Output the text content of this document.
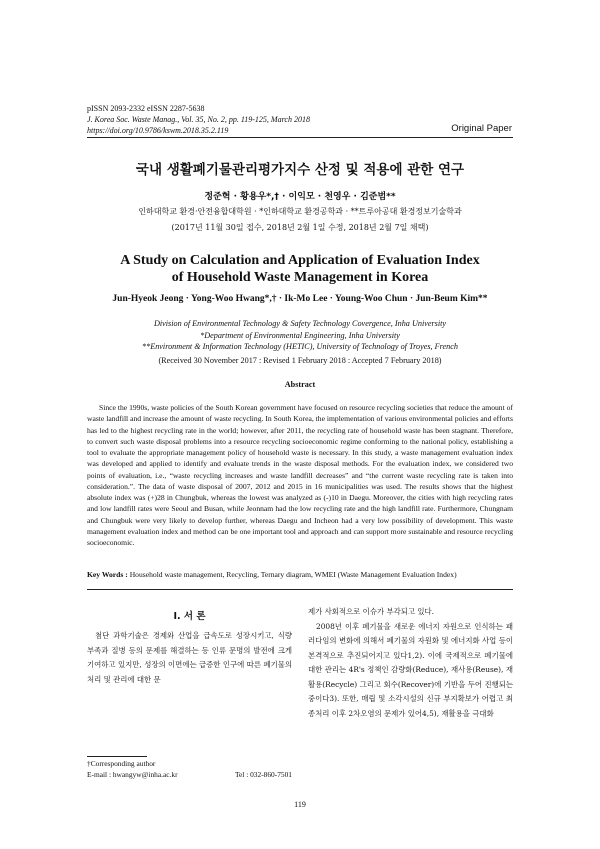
pISSN 2093-2332 eISSN 2287-5638
J. Korea Soc. Waste Manag., Vol. 35, No. 2, pp. 119-125, March 2018
https://doi.org/10.9786/kswm.2018.35.2.119	Original Paper
국내 생활폐기물관리평가지수 산정 및 적용에 관한 연구
정준혁 · 황용우*,† · 이익모 · 천영우 · 김준범**
인하대학교 환경·안전융합대학원 · *인하대학교 환경공학과 · **트루아공대 환경정보기술학과
(2017년 11월 30일 접수, 2018년 2월 1일 수정, 2018년 2월 7일 채택)
A Study on Calculation and Application of Evaluation Index
of Household Waste Management in Korea
Jun-Hyeok Jeong · Yong-Woo Hwang*,† · Ik-Mo Lee · Young-Woo Chun · Jun-Beum Kim**
Division of Environmental Technology & Safety Technology Covergence, Inha University
*Department of Environmental Engineering, Inha University
**Environment & Information Technology (HETIC), University of Technology of Troyes, French
(Received 30 November 2017 : Revised 1 February 2018 : Accepted 7 February 2018)
Abstract

Since the 1990s, waste policies of the South Korean government have focused on resource recycling societies that reduce the amount of waste landfill and increase the amount of waste recycling. In South Korea, the implementation of various environmental policies and efforts has led to the highest recycling rate in the world; however, after 2011, the recycling rate of household waste has been stagnant. Therefore, to convert such waste disposal problems into a resource recycling socioeconomic regime conforming to the national policy, establishing a tool to evaluate the appropriate management policy of household waste is necessary. In this study, a waste management evaluation index was developed and applied to identify and evaluate trends in the waste disposal methods. For the evaluation index, we considered two points of evaluation, i.e., “waste recycling increases and waste landfill decreases” and “the current waste recycling rate is taken into consideration.”. The data of waste disposal of 2007, 2012 and 2015 in 16 municipalities was used. The results shows that the highest absolute index was (+)28 in Chungbuk, whereas the lowest was analyzed as (-)10 in Daegu. Moreover, the cities with high recycling rates and low landfill rates were Seoul and Busan, while Jeonnam had the low recycling rate and the high landfill rate. Furthermore, Chungnam and Chungbuk were very likely to develop further, whereas Daegu and Incheon had a very low possibility of development. This waste management evaluation index and method can be one important tool and approach and can support more sustainable and resource recycling socioeconomic.

Key Words : Household waste management, Recycling, Ternary diagram, WMEI (Waste Management Evaluation Index)
I. 서 론

첨단 과학기술은 경제와 산업을 급속도로 성장시키고, 식량 부족과 질병 등의 문제를 해결하는 등 인류 문명의 발전에 크게 기여하고 있지만, 성장의 이면에는 급증한 인구에 따른 폐기물의 처리 및 관리에 대한 문

제가 사회적으로 이슈가 부각되고 있다.

2008년 이후 폐기물을 새로운 에너지 자원으로 인식하는 패러다임의 변화에 의해서 폐기물의 자원화 및 에너지화 사업 등이 본격적으로 추진되어지고 있다1,2). 이에 국제적으로 폐기물에 대한 관리는 4R's 정책인 감량화(Reduce), 재사용(Reuse), 재활용(Recycle) 그리고 회수(Recover)에 기반을 두어 진행되는 중이다3). 또한, 매립 및 소각시설의 신규 부지확보가 어렵고 최종처리 이후 2차오염의 문제가 있어4,5), 재활용을 극대화

†Corresponding author
E-mail : hwangyw@inha.ac.kr	Tel : 032-860-7501
119
